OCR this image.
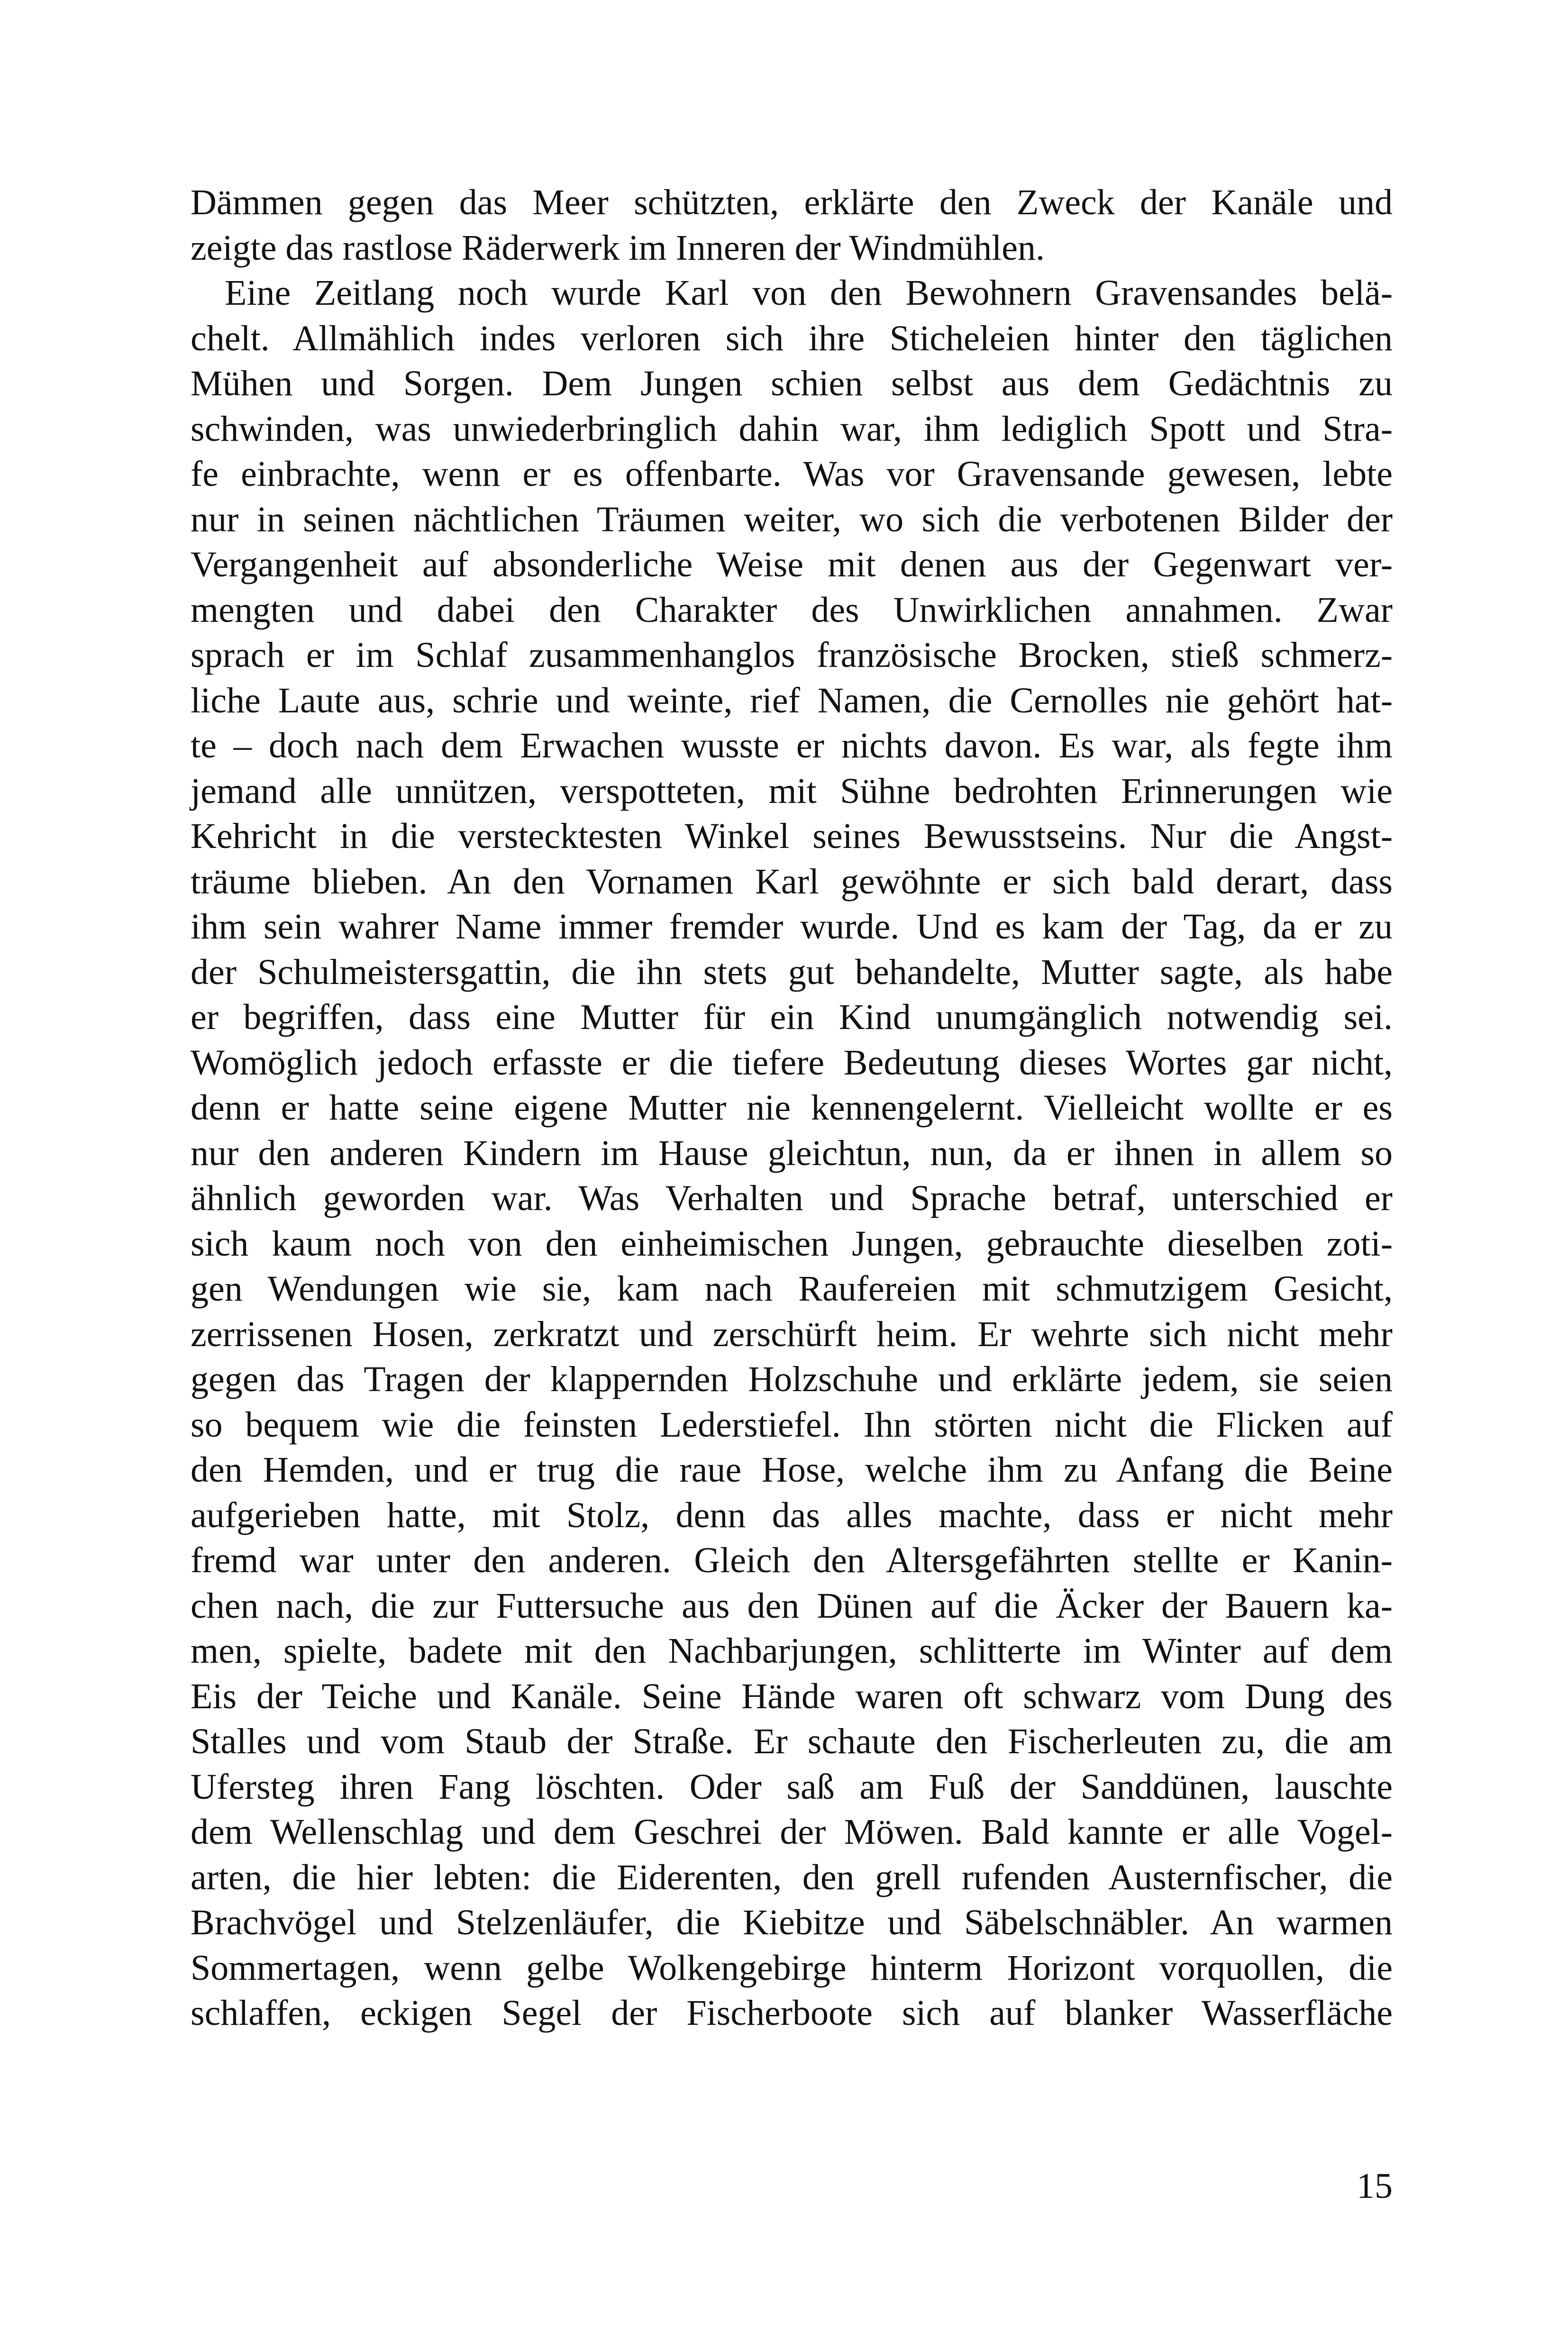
Dämmen gegen das Meer schützten, erklärte den Zweck der Kanäle und
zeigte das rastlose Räderwerk im Inneren der Windmühlen.
Eine Zeitlang noch wurde Karl von den Bewohnern Gravensandes belä-
chelt. Allmählich indes verloren sich ihre Sticheleien hinter den täglichen
Mühen und Sorgen. Dem Jungen schien selbst aus dem Gedächtnis zu
schwinden, was unwiederbringlich dahin war, ihm lediglich Spott und Stra-
fe einbrachte, wenn er es offenbarte. Was vor Gravensande gewesen, lebte
nur in seinen nächtlichen Träumen weiter, wo sich die verbotenen Bilder der
Vergangenheit auf absonderliche Weise mit denen aus der Gegenwart ver-
mengten und dabei den Charakter des Unwirklichen annahmen. Zwar
sprach er im Schlaf zusammenhanglos französische Brocken, stieß schmerz-
liche Laute aus, schrie und weinte, rief Namen, die Cernolles nie gehört hat-
te – doch nach dem Erwachen wusste er nichts davon. Es war, als fegte ihm
jemand alle unnützen, verspotteten, mit Sühne bedrohten Erinnerungen wie
Kehricht in die verstecktesten Winkel seines Bewusstseins. Nur die Angst-
träume blieben. An den Vornamen Karl gewöhnte er sich bald derart, dass
ihm sein wahrer Name immer fremder wurde. Und es kam der Tag, da er zu
der Schulmeistersgattin, die ihn stets gut behandelte, Mutter sagte, als habe
er begriffen, dass eine Mutter für ein Kind unumgänglich notwendig sei.
Womöglich jedoch erfasste er die tiefere Bedeutung dieses Wortes gar nicht,
denn er hatte seine eigene Mutter nie kennengelernt. Vielleicht wollte er es
nur den anderen Kindern im Hause gleichtun, nun, da er ihnen in allem so
ähnlich geworden war. Was Verhalten und Sprache betraf, unterschied er
sich kaum noch von den einheimischen Jungen, gebrauchte dieselben zoti-
gen Wendungen wie sie, kam nach Raufereien mit schmutzigem Gesicht,
zerrissenen Hosen, zerkratzt und zerschürft heim. Er wehrte sich nicht mehr
gegen das Tragen der klappernden Holzschuhe und erklärte jedem, sie seien
so bequem wie die feinsten Lederstiefel. Ihn störten nicht die Flicken auf
den Hemden, und er trug die raue Hose, welche ihm zu Anfang die Beine
aufgerieben hatte, mit Stolz, denn das alles machte, dass er nicht mehr
fremd war unter den anderen. Gleich den Altersgefährten stellte er Kanin-
chen nach, die zur Futtersuche aus den Dünen auf die Äcker der Bauern ka-
men, spielte, badete mit den Nachbarjungen, schlitterte im Winter auf dem
Eis der Teiche und Kanäle. Seine Hände waren oft schwarz vom Dung des
Stalles und vom Staub der Straße. Er schaute den Fischerleuten zu, die am
Ufersteg ihren Fang löschten. Oder saß am Fuß der Sanddünen, lauschte
dem Wellenschlag und dem Geschrei der Möwen. Bald kannte er alle Vogel-
arten, die hier lebten: die Eiderenten, den grell rufenden Austernfischer, die
Brachvögel und Stelzenläufer, die Kiebitze und Säbelschnäbler. An warmen
Sommertagen, wenn gelbe Wolkengebirge hinterm Horizont vorquollen, die
schlaffen, eckigen Segel der Fischerboote sich auf blanker Wasserfläche
15
